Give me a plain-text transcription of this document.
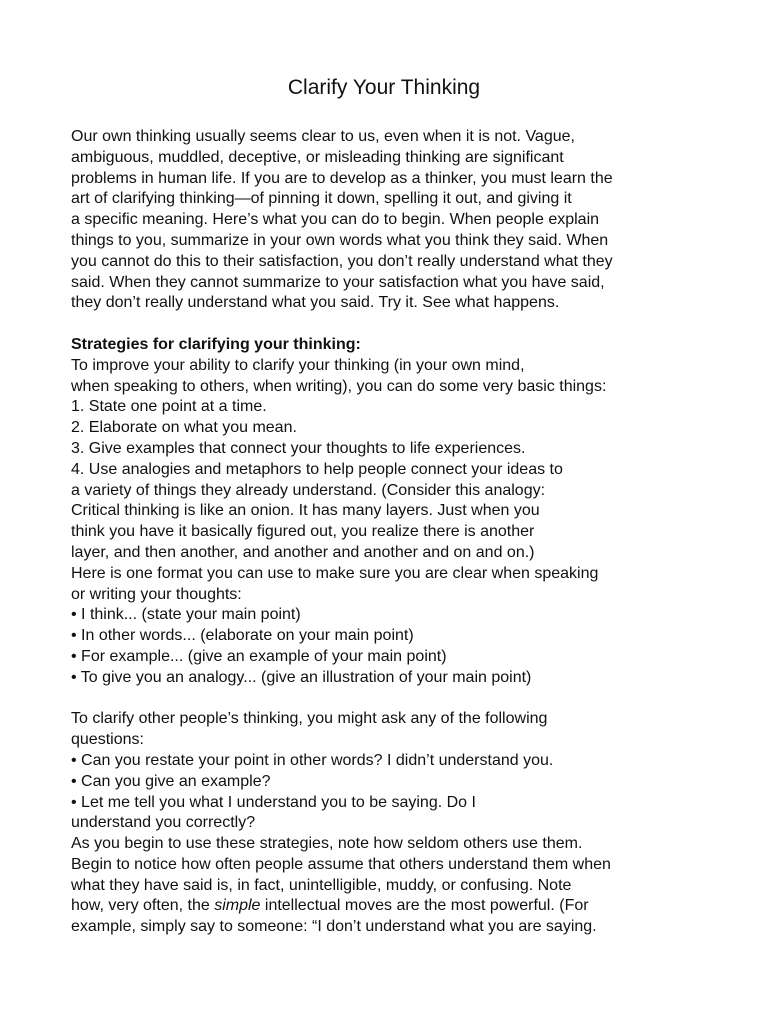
Clarify Your Thinking
Our own thinking usually seems clear to us, even when it is not. Vague,
ambiguous, muddled, deceptive, or misleading thinking are significant
problems in human life. If you are to develop as a thinker, you must learn the
art of clarifying thinking—of pinning it down, spelling it out, and giving it
a specific meaning. Here’s what you can do to begin. When people explain
things to you, summarize in your own words what you think they said. When
you cannot do this to their satisfaction, you don’t really understand what they
said. When they cannot summarize to your satisfaction what you have said,
they don’t really understand what you said. Try it. See what happens.
Strategies for clarifying your thinking:
To improve your ability to clarify your thinking (in your own mind,
when speaking to others, when writing), you can do some very basic things:
1. State one point at a time.
2. Elaborate on what you mean.
3. Give examples that connect your thoughts to life experiences.
4. Use analogies and metaphors to help people connect your ideas to
a variety of things they already understand. (Consider this analogy:
Critical thinking is like an onion. It has many layers. Just when you
think you have it basically figured out, you realize there is another
layer, and then another, and another and another and on and on.)
Here is one format you can use to make sure you are clear when speaking
or writing your thoughts:
• I think... (state your main point)
• In other words... (elaborate on your main point)
• For example... (give an example of your main point)
• To give you an analogy... (give an illustration of your main point)
To clarify other people’s thinking, you might ask any of the following
questions:
• Can you restate your point in other words? I didn’t understand you.
• Can you give an example?
• Let me tell you what I understand you to be saying. Do I
understand you correctly?
As you begin to use these strategies, note how seldom others use them.
Begin to notice how often people assume that others understand them when
what they have said is, in fact, unintelligible, muddy, or confusing. Note
how, very often, the simple intellectual moves are the most powerful. (For
example, simply say to someone: “I don’t understand what you are saying.
